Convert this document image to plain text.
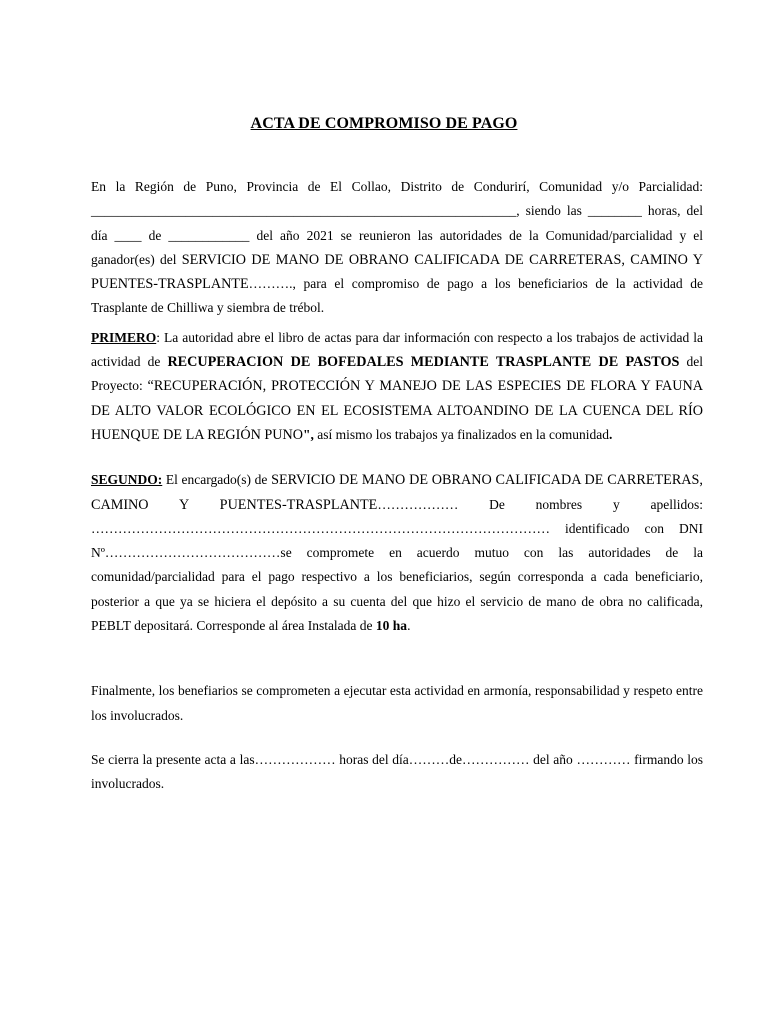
ACTA DE COMPROMISO DE PAGO

En la Región de Puno, Provincia de El Collao, Distrito de Condurirí, Comunidad y/o Parcialidad: _______________________________________________________________, siendo las ________ horas, del día ____ de ____________ del año 2021 se reunieron las autoridades de la Comunidad/parcialidad y el ganador(es) del SERVICIO DE MANO DE OBRANO CALIFICADA DE CARRETERAS, CAMINO Y PUENTES-TRASPLANTE………., para el compromiso de pago a los beneficiarios de la actividad de Trasplante de Chilliwa y siembra de trébol.

PRIMERO: La autoridad abre el libro de actas para dar información con respecto a los trabajos de actividad la actividad de RECUPERACION DE BOFEDALES MEDIANTE TRASPLANTE DE PASTOS del Proyecto: “RECUPERACIÓN, PROTECCIÓN Y MANEJO DE LAS ESPECIES DE FLORA Y FAUNA DE ALTO VALOR ECOLÓGICO EN EL ECOSISTEMA ALTOANDINO DE LA CUENCA DEL RÍO HUENQUE DE LA REGIÓN PUNO", así mismo los trabajos ya finalizados en la comunidad.

SEGUNDO: El encargado(s) de SERVICIO DE MANO DE OBRANO CALIFICADA DE CARRETERAS, CAMINO Y PUENTES-TRASPLANTE……………… De nombres y apellidos: ………………………………………………………………………………………… identificado con DNI Nº…………………………………se compromete en acuerdo mutuo con las autoridades de la comunidad/parcialidad para el pago respectivo a los beneficiarios, según corresponda a cada beneficiario, posterior a que ya se hiciera el depósito a su cuenta del que hizo el servicio de mano de obra no calificada, PEBLT depositará. Corresponde al área Instalada de 10 ha.

Finalmente, los benefiarios se comprometen a ejecutar esta actividad en armonía, responsabilidad y respeto entre los involucrados.

Se cierra la presente acta a las……………… horas del día………de…………… del año ………… firmando los involucrados.
